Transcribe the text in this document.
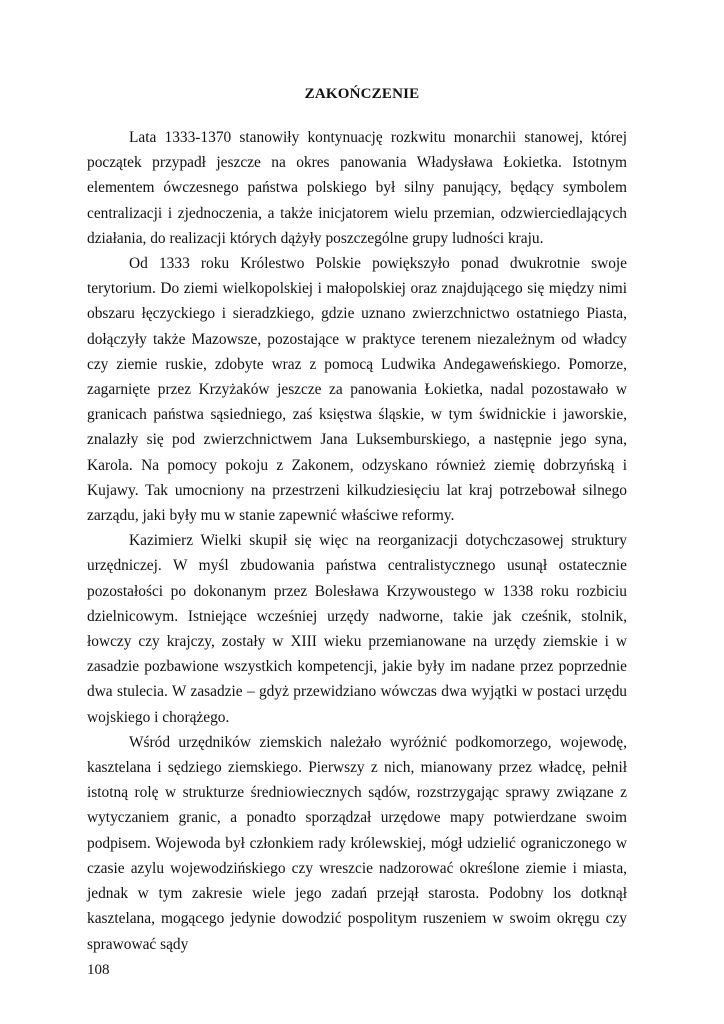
ZAKOŃCZENIE

Lata 1333-1370 stanowiły kontynuację rozkwitu monarchii stanowej, której początek przypadł jeszcze na okres panowania Władysława Łokietka. Istotnym elementem ówczesnego państwa polskiego był silny panujący, będący symbolem centralizacji i zjednoczenia, a także inicjatorem wielu przemian, odzwierciedlających działania, do realizacji których dążyły poszczególne grupy ludności kraju.

Od 1333 roku Królestwo Polskie powiększyło ponad dwukrotnie swoje terytorium. Do ziemi wielkopolskiej i małopolskiej oraz znajdującego się między nimi obszaru łęczyckiego i sieradzkiego, gdzie uznano zwierzchnictwo ostatniego Piasta, dołączyły także Mazowsze, pozostające w praktyce terenem niezależnym od władcy czy ziemie ruskie, zdobyte wraz z pomocą Ludwika Andegaweńskiego. Pomorze, zagarnięte przez Krzyżaków jeszcze za panowania Łokietka, nadal pozostawało w granicach państwa sąsiedniego, zaś księstwa śląskie, w tym świdnickie i jaworskie, znalazły się pod zwierzchnictwem Jana Luksemburskiego, a następnie jego syna, Karola. Na pomocy pokoju z Zakonem, odzyskano również ziemię dobrzyńską i Kujawy. Tak umocniony na przestrzeni kilkudziesięciu lat kraj potrzebował silnego zarządu, jaki były mu w stanie zapewnić właściwe reformy.

Kazimierz Wielki skupił się więc na reorganizacji dotychczasowej struktury urzędniczej. W myśl zbudowania państwa centralistycznego usunął ostatecznie pozostałości po dokonanym przez Bolesława Krzywoustego w 1338 roku rozbiciu dzielnicowym. Istniejące wcześniej urzędy nadworne, takie jak cześnik, stolnik, łowczy czy krajczy, zostały w XIII wieku przemianowane na urzędy ziemskie i w zasadzie pozbawione wszystkich kompetencji, jakie były im nadane przez poprzednie dwa stulecia. W zasadzie – gdyż przewidziano wówczas dwa wyjątki w postaci urzędu wojskiego i chorążego.

Wśród urzędników ziemskich należało wyróżnić podkomorzego, wojewodę, kasztelana i sędziego ziemskiego. Pierwszy z nich, mianowany przez władcę, pełnił istotną rolę w strukturze średniowiecznych sądów, rozstrzygając sprawy związane z wytyczaniem granic, a ponadto sporządzał urzędowe mapy potwierdzane swoim podpisem. Wojewoda był członkiem rady królewskiej, mógł udzielić ograniczonego w czasie azylu wojewodzińskiego czy wreszcie nadzorować określone ziemie i miasta, jednak w tym zakresie wiele jego zadań przejął starosta. Podobny los dotknął kasztelana, mogącego jedynie dowodzić pospolitym ruszeniem w swoim okręgu czy sprawować sądy

108
